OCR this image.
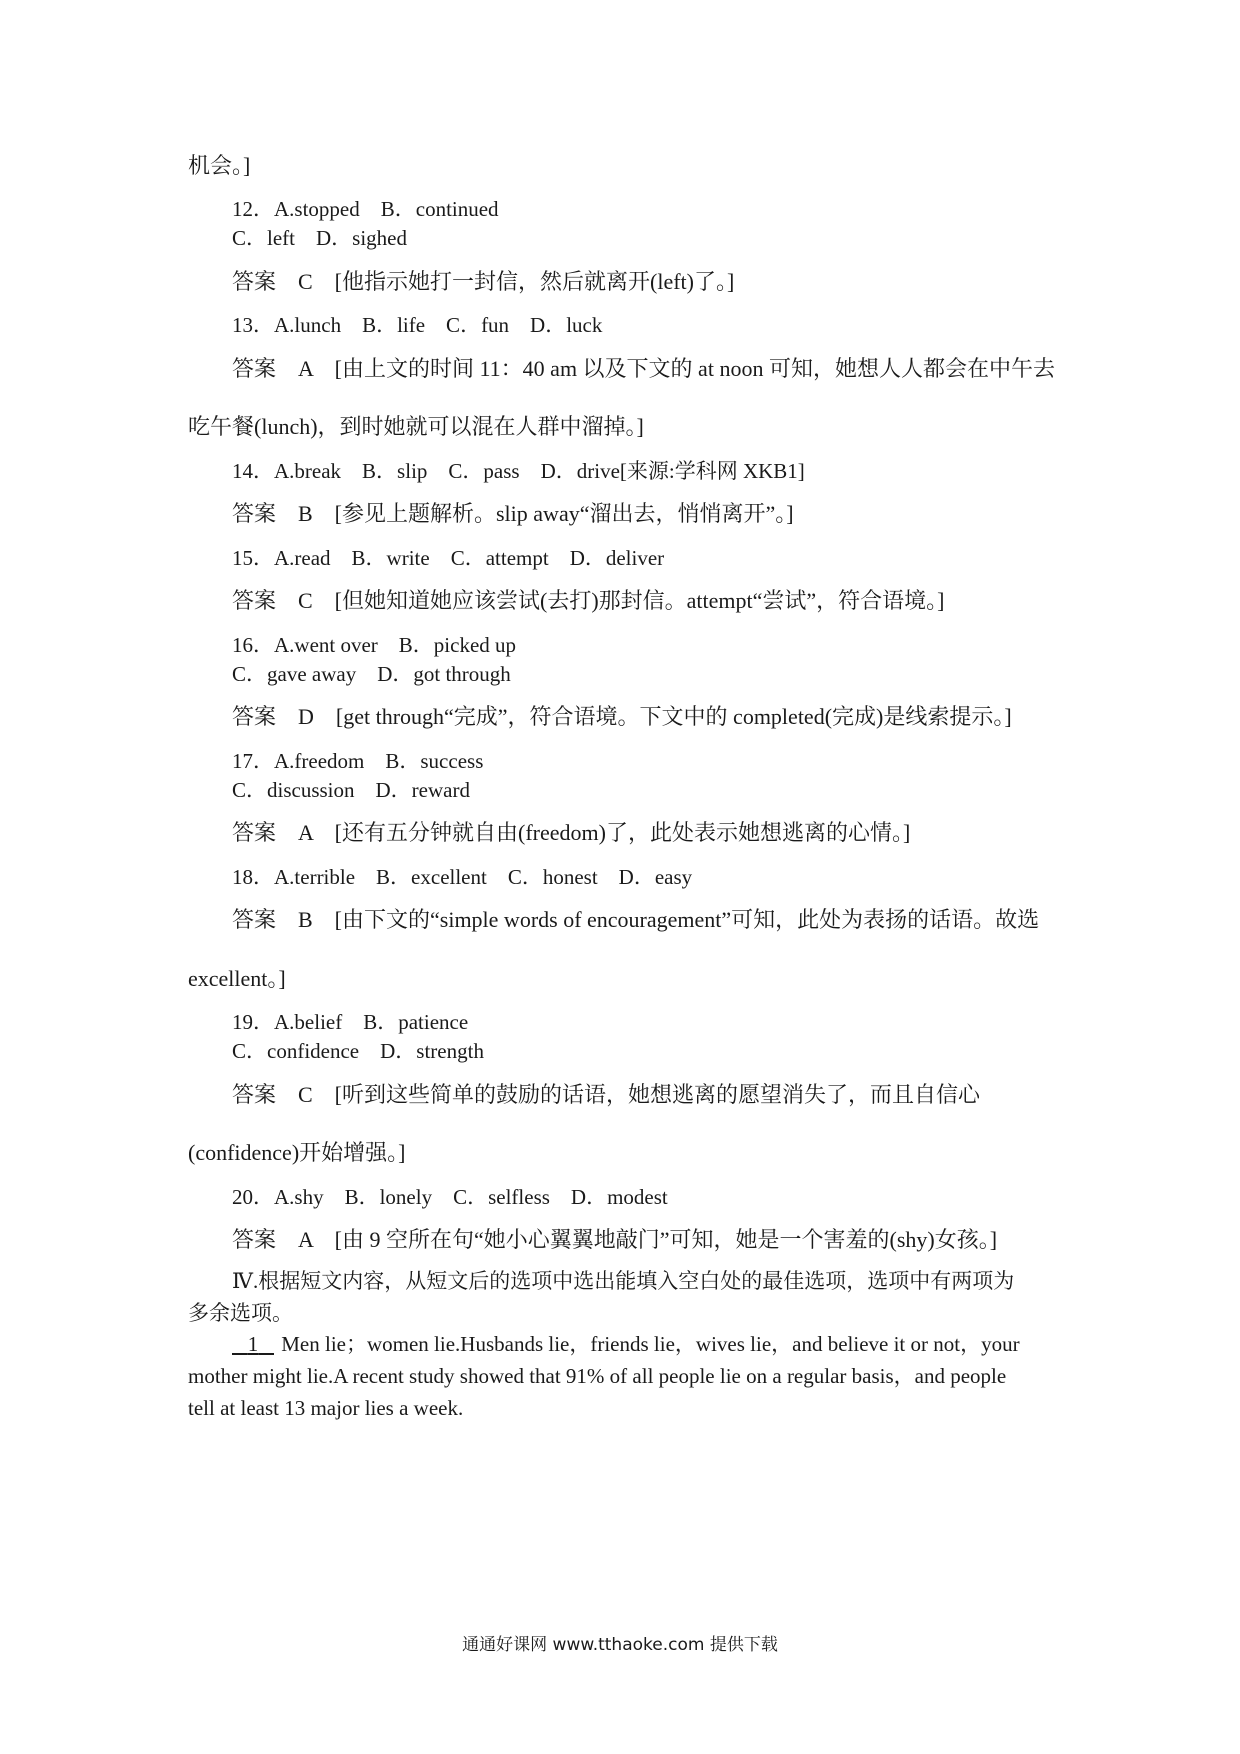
机会。]
12．A.stopped　B．continued
C．left　D．sighed
答案　C　[他指示她打一封信，然后就离开(left)了。]
13．A.lunch　B．life　C．fun　D．luck
答案　A　[由上文的时间 11：40 am 以及下文的 at noon 可知，她想人人都会在中午去
吃午餐(lunch)，到时她就可以混在人群中溜掉。]
14．A.break　B．slip　C．pass　D．drive[来源:学科网 XKB1]
答案　B　[参见上题解析。slip away“溜出去，悄悄离开”。]
15．A.read　B．write　C．attempt　D．deliver
答案　C　[但她知道她应该尝试(去打)那封信。attempt“尝试”，符合语境。]
16．A.went over　B．picked up
C．gave away　D．got through
答案　D　[get through“完成”，符合语境。下文中的 completed(完成)是线索提示。]
17．A.freedom　B．success
C．discussion　D．reward
答案　A　[还有五分钟就自由(freedom)了，此处表示她想逃离的心情。]
18．A.terrible　B．excellent　C．honest　D．easy
答案　B　[由下文的“simple words of encouragement”可知，此处为表扬的话语。故选
excellent。]
19．A.belief　B．patience
C．confidence　D．strength
答案　C　[听到这些简单的鼓励的话语，她想逃离的愿望消失了，而且自信心
(confidence)开始增强。]
20．A.shy　B．lonely　C．selfless　D．modest
答案　A　[由 9 空所在句“她小心翼翼地敲门”可知，她是一个害羞的(shy)女孩。]
Ⅳ.根据短文内容，从短文后的选项中选出能填入空白处的最佳选项，选项中有两项为
多余选项。
1 Men lie；women lie.Husbands lie，friends lie，wives lie，and believe it or not，your
mother might lie.A recent study showed that 91% of all people lie on a regular basis，and people
tell at least 13 major lies a week.
通通好课网 www.tthaoke.com 提供下载
